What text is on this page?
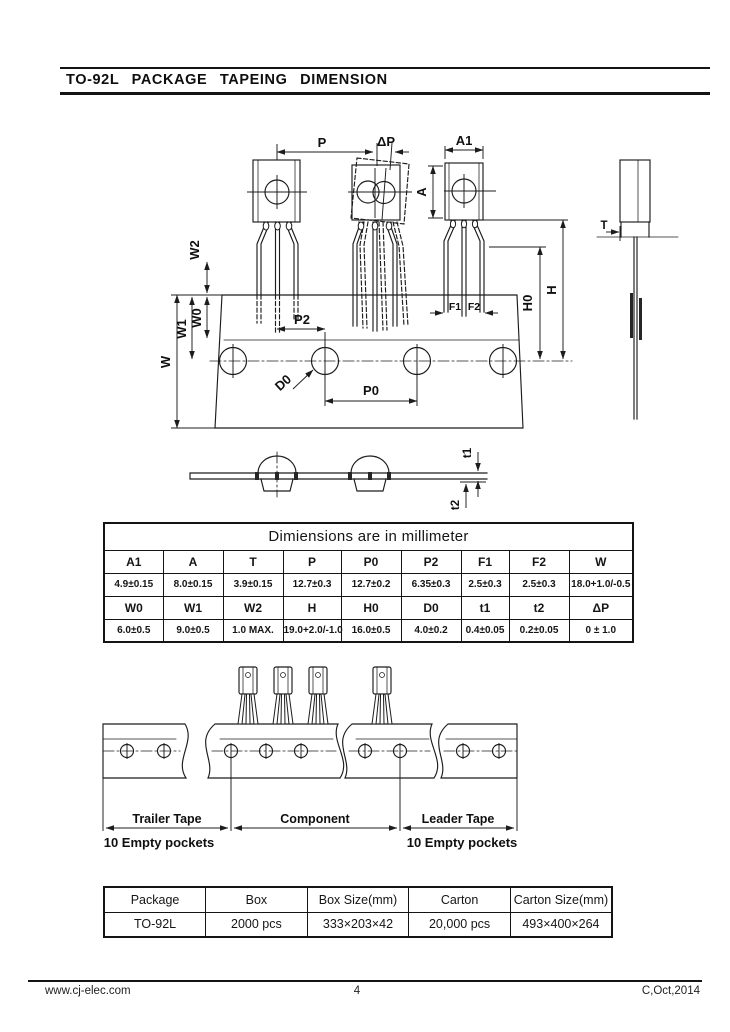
TO-92L PACKAGE TAPEING DIMENSION
P	ΔP	A1
A
H
H0
F1 F2
W
W1
W0
W2
P2
D0	P0
T
t1
t2
Dimiensions are in millimeter								
A1	A	T	P	P0	P2	F1	F2	W
4.9±0.15	8.0±0.15	3.9±0.15	12.7±0.3	12.7±0.2	6.35±0.3	2.5±0.3	2.5±0.3	18.0+1.0/-0.5
W0	W1	W2	H	H0	D0	t1	t2	ΔP
6.0±0.5	9.0±0.5	1.0 MAX.	19.0+2.0/-1.0	16.0±0.5	4.0±0.2	0.4±0.05	0.2±0.05	0 ± 1.0
Trailer Tape	Component	Leader Tape
10 Empty pockets	10 Empty pockets
Package	Box	Box Size(mm)	Carton	Carton Size(mm)
TO-92L	2000 pcs	333×203×42	20,000 pcs	493×400×264
www.cj-elec.com	4	C,Oct,2014
